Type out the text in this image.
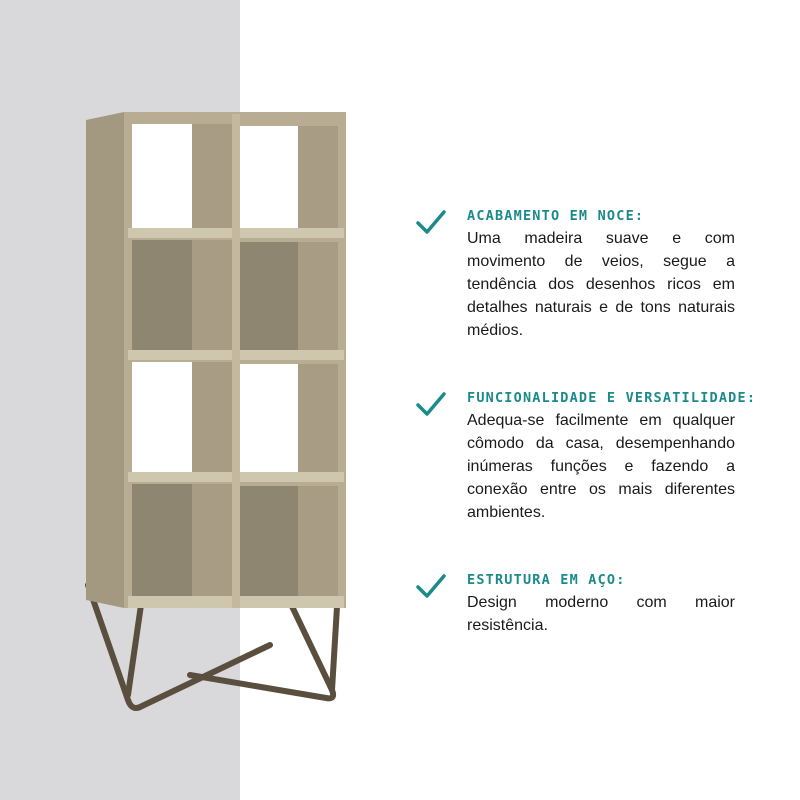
ACABAMENTO EM NOCE:
Uma madeira suave e com movimento de veios, segue a tendência dos desenhos ricos em detalhes naturais e de tons naturais médios.
FUNCIONALIDADE E VERSATILIDADE:
Adequa-se facilmente em qualquer cômodo da casa, desempenhando inúmeras funções e fazendo a conexão entre os mais diferentes ambientes.
ESTRUTURA EM AÇO:
Design moderno com maior resistência.
